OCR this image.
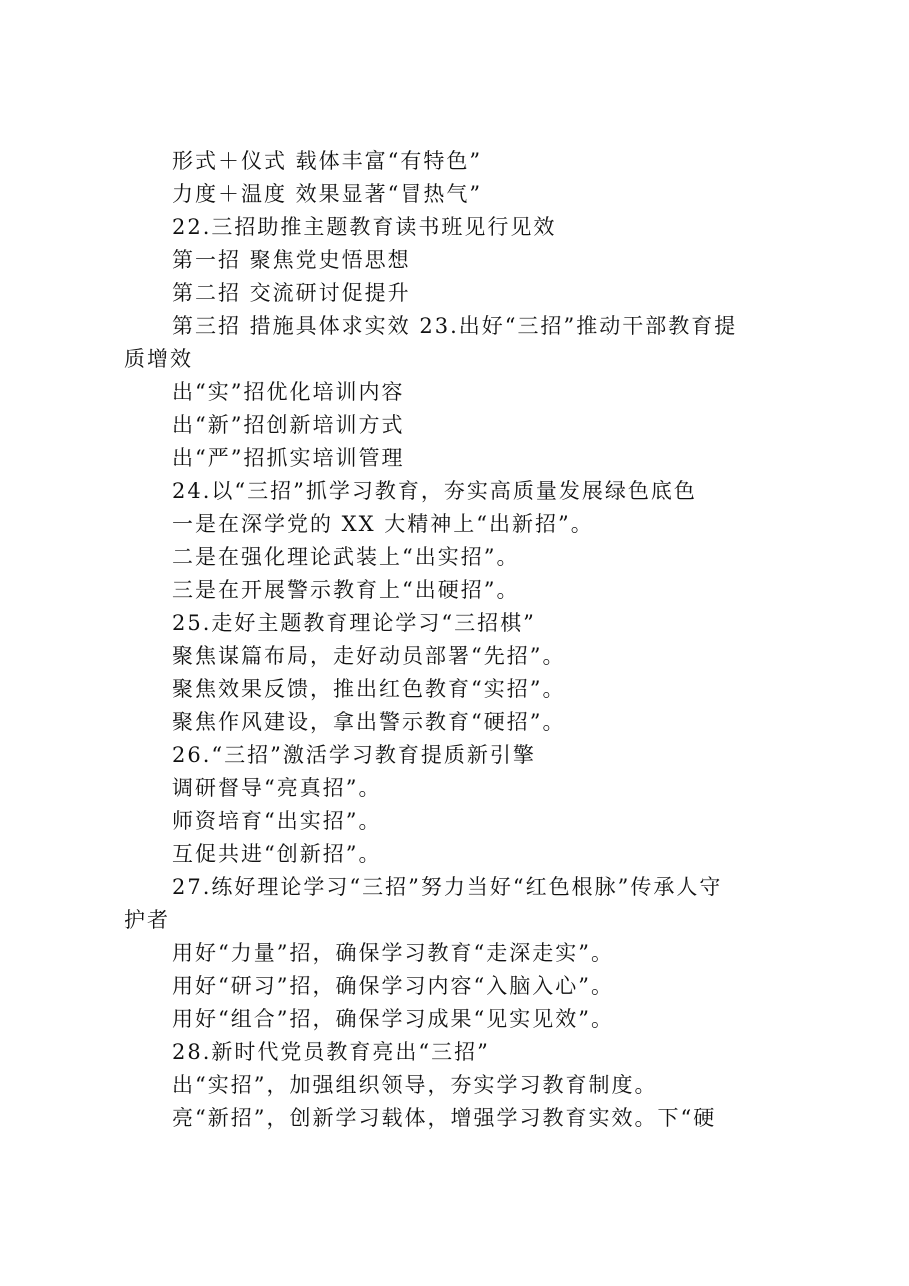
形式＋仪式 载体丰富“有特色”
力度＋温度 效果显著“冒热气”
22.三招助推主题教育读书班见行见效
第一招 聚焦党史悟思想
第二招 交流研讨促提升
第三招 措施具体求实效 23.出好“三招”推动干部教育提
质增效
出“实”招优化培训内容
出“新”招创新培训方式
出“严”招抓实培训管理
24.以“三招”抓学习教育，夯实高质量发展绿色底色
一是在深学党的 XX 大精神上“出新招”。
二是在强化理论武装上“出实招”。
三是在开展警示教育上“出硬招”。
25.走好主题教育理论学习“三招棋”
聚焦谋篇布局，走好动员部署“先招”。
聚焦效果反馈，推出红色教育“实招”。
聚焦作风建设，拿出警示教育“硬招”。
26.“三招”激活学习教育提质新引擎
调研督导“亮真招”。
师资培育“出实招”。
互促共进“创新招”。
27.练好理论学习“三招”努力当好“红色根脉”传承人守
护者
用好“力量”招，确保学习教育“走深走实”。
用好“研习”招，确保学习内容“入脑入心”。
用好“组合”招，确保学习成果“见实见效”。
28.新时代党员教育亮出“三招”
出“实招”，加强组织领导，夯实学习教育制度。
亮“新招”，创新学习载体，增强学习教育实效。下“硬
